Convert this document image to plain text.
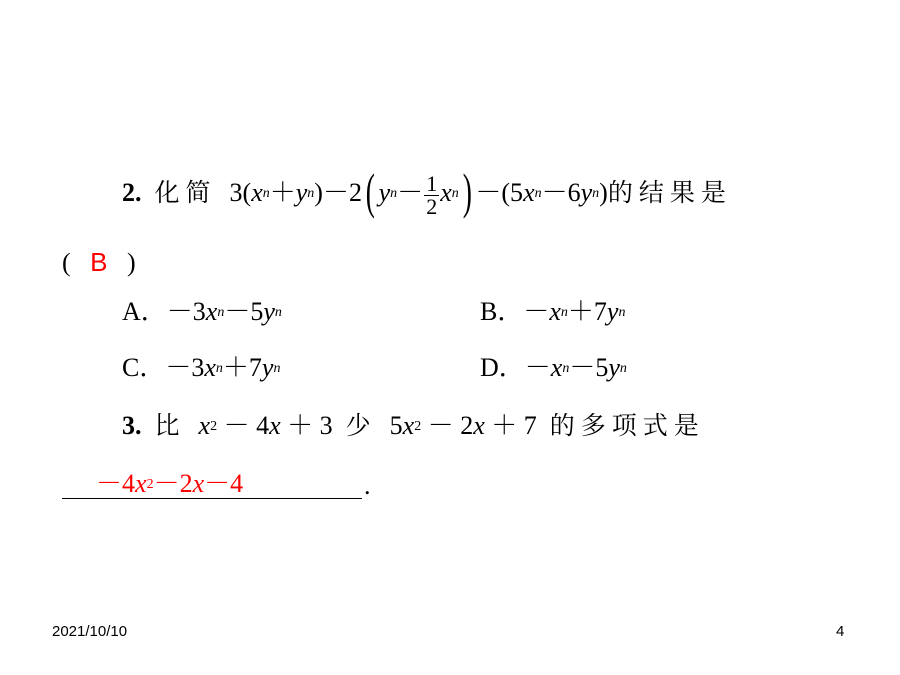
2. 化简 $3(x^n+y^n)-2$( $y^n- \frac{1}{2} x^n) -(5x^n-6y^n)$的结果是
( B )
A．$-3x^n-5y^n$	B．$-x^n+7y^n$
C．$-3x^n+7y^n$	D．$-x^n-5y^n$
3. 比 $x^2 - 4x + 3$ 少 $5x^2 - 2x + 7$ 的多项式是
$-4x^2-2x-4$	.
2021/10/10	4
